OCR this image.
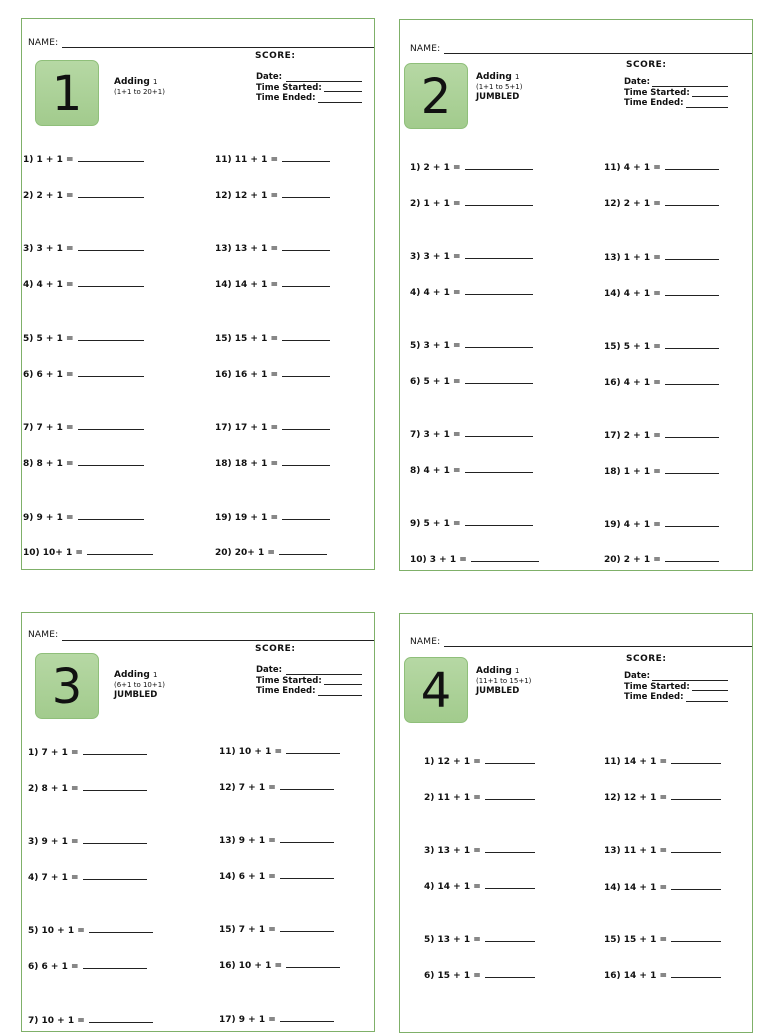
NAME:
1	Adding 1
(1+1 to 20+1)
SCORE:
Date:
Time Started:
Time Ended:
1) 1 + 1 =
2) 2 + 1 =
3) 3 + 1 =
4) 4 + 1 =
5) 5 + 1 =
6) 6 + 1 =
7) 7 + 1 =
8) 8 + 1 =
9) 9 + 1 =
10) 10+ 1 =
11) 11 + 1 =
12) 12 + 1 =
13) 13 + 1 =
14) 14 + 1 =
15) 15 + 1 =
16) 16 + 1 =
17) 17 + 1 =
18) 18 + 1 =
19) 19 + 1 =
20) 20+ 1 =
NAME:
2	Adding 1
(1+1 to 5+1)
JUMBLED
SCORE:
Date:
Time Started:
Time Ended:
1) 2 + 1 =
2) 1 + 1 =
3) 3 + 1 =
4) 4 + 1 =
5) 3 + 1 =
6) 5 + 1 =
7) 3 + 1 =
8) 4 + 1 =
9) 5 + 1 =
10) 3 + 1 =
11) 4 + 1 =
12) 2 + 1 =
13) 1 + 1 =
14) 4 + 1 =
15) 5 + 1 =
16) 4 + 1 =
17) 2 + 1 =
18) 1 + 1 =
19) 4 + 1 =
20) 2 + 1 =
NAME:
3	Adding 1
(6+1 to 10+1)
JUMBLED
SCORE:
Date:
Time Started:
Time Ended:
1) 7 + 1 =
2) 8 + 1 =
3) 9 + 1 =
4) 7 + 1 =
5) 10 + 1 =
6) 6 + 1 =
7) 10 + 1 =
11) 10 + 1 =
12) 7 + 1 =
13) 9 + 1 =
14) 6 + 1 =
15) 7 + 1 =
16) 10 + 1 =
17) 9 + 1 =
NAME:
4	Adding 1
(11+1 to 15+1)
JUMBLED
SCORE:
Date:
Time Started:
Time Ended:
1) 12 + 1 =
2) 11 + 1 =
3) 13 + 1 =
4) 14 + 1 =
5) 13 + 1 =
6) 15 + 1 =
11) 14 + 1 =
12) 12 + 1 =
13) 11 + 1 =
14) 14 + 1 =
15) 15 + 1 =
16) 14 + 1 =
